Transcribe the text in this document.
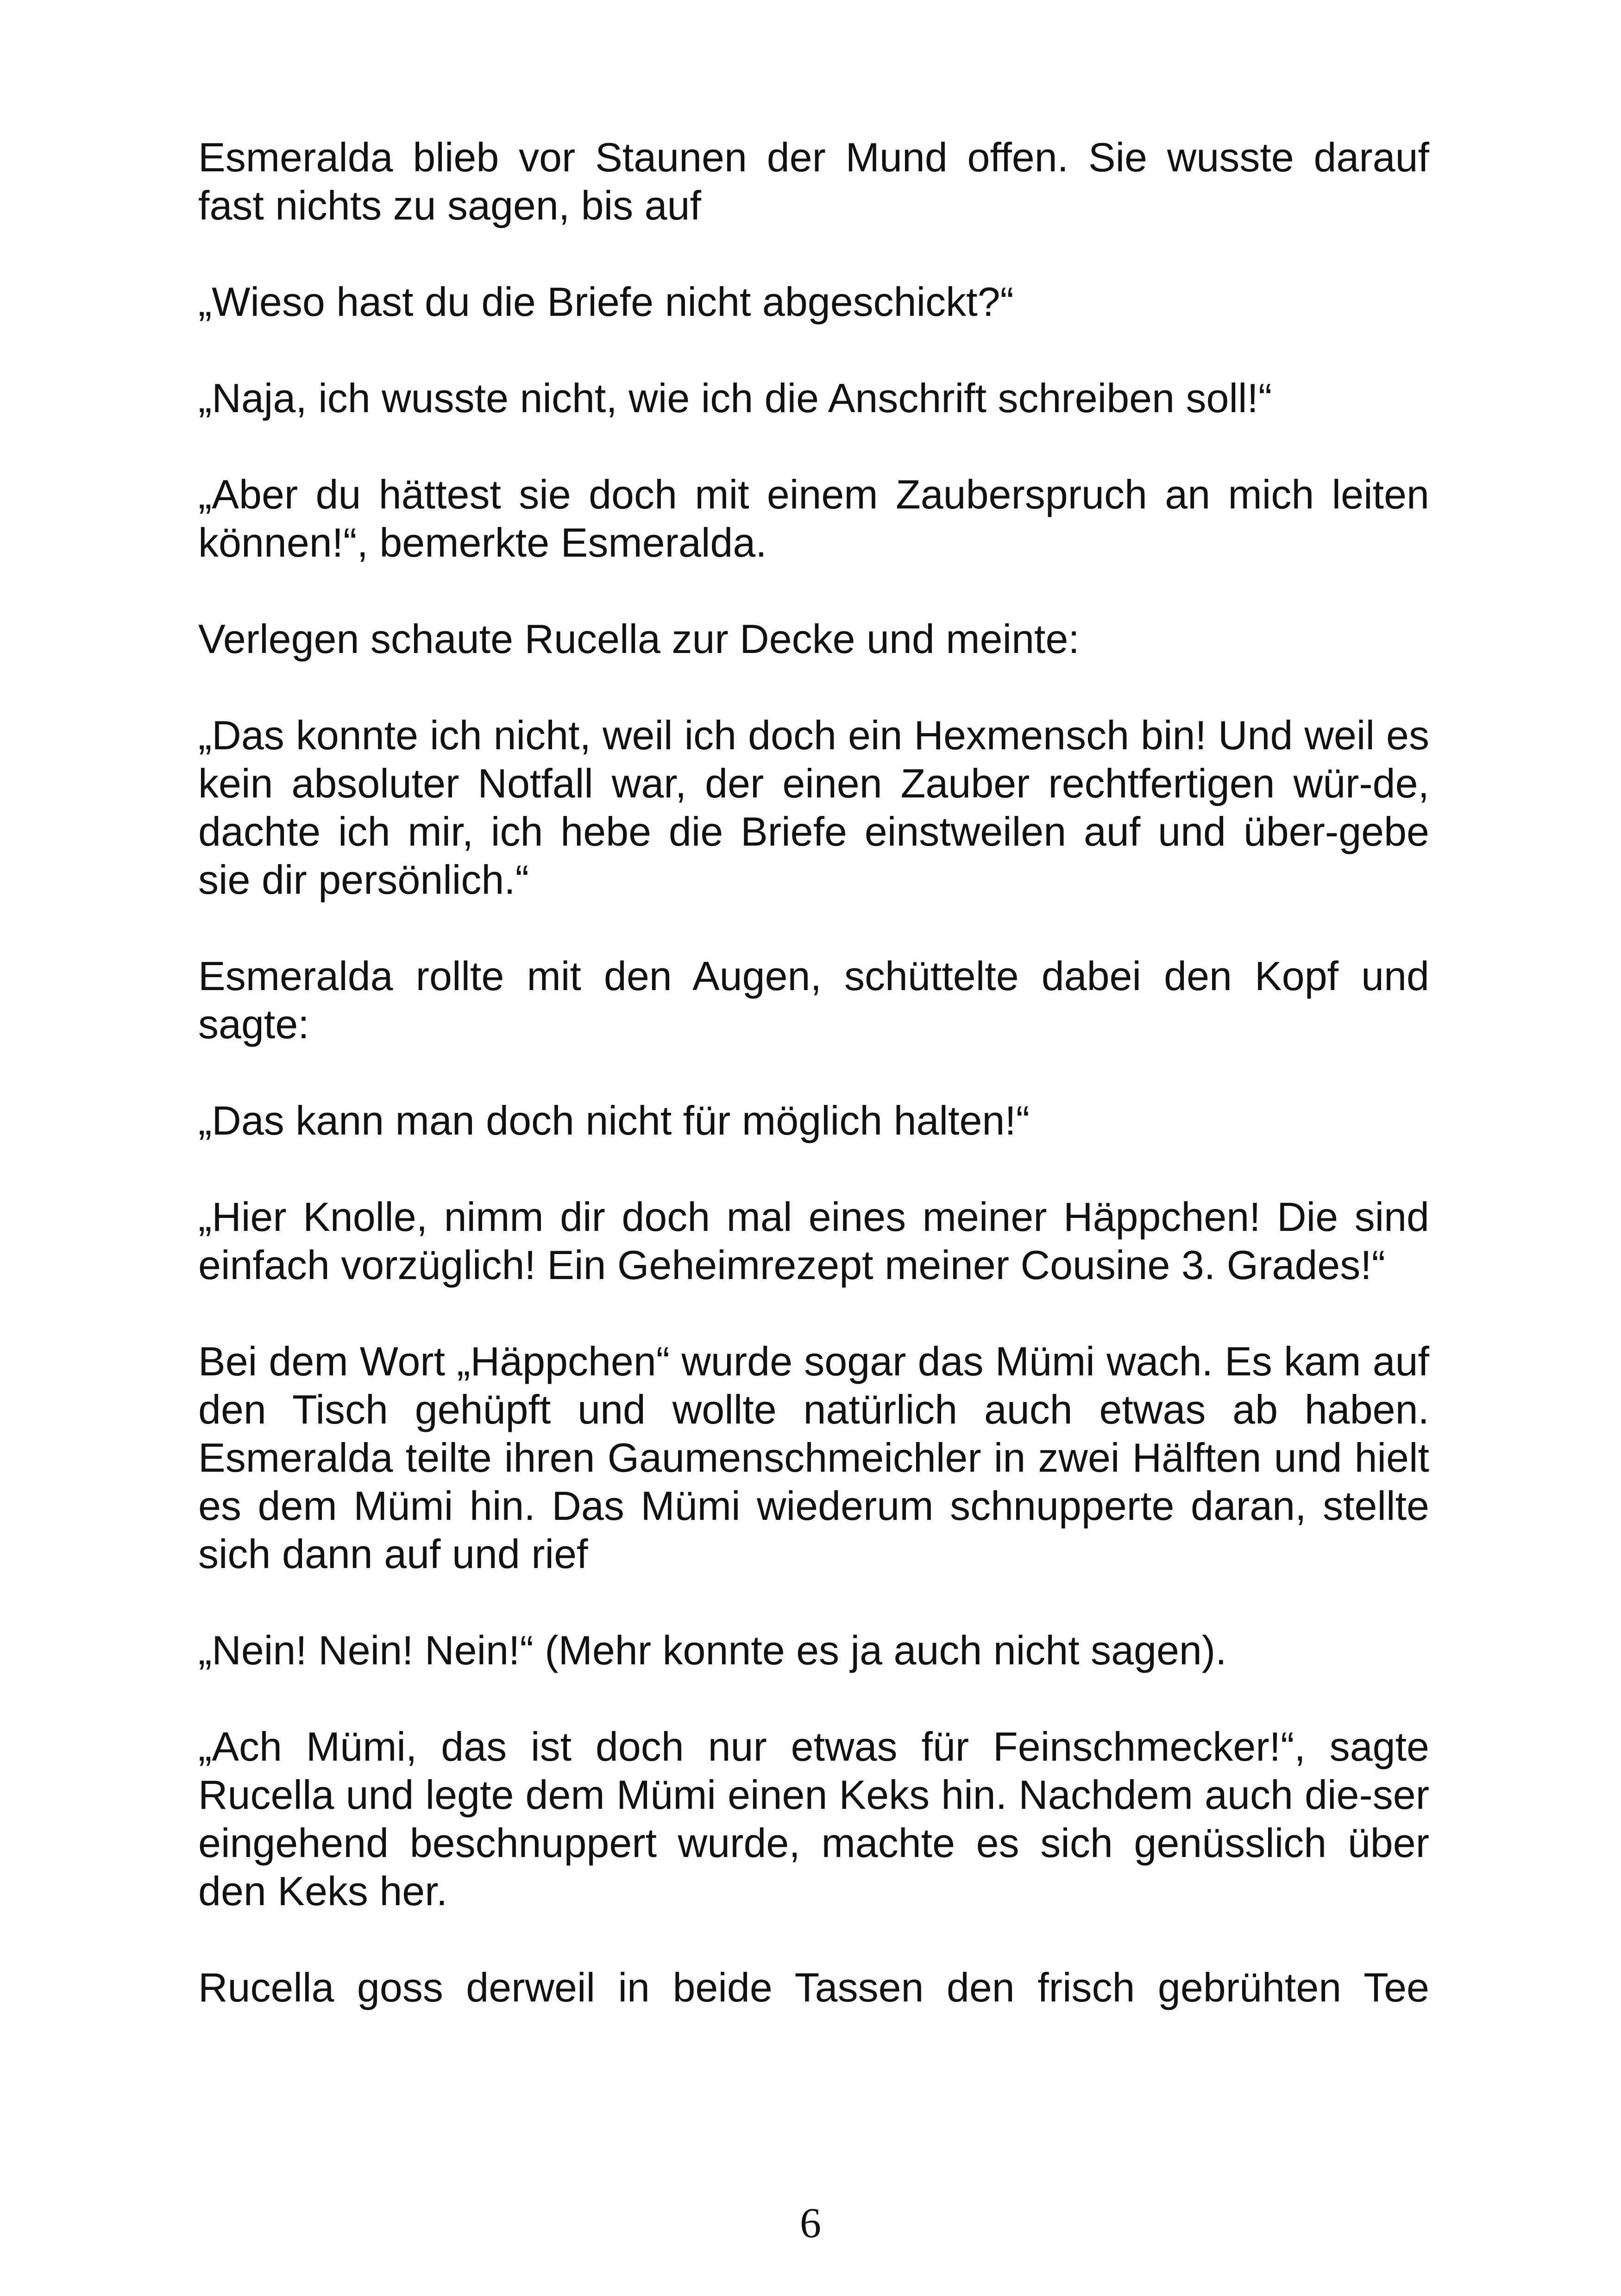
Esmeralda blieb vor Staunen der Mund offen. Sie wusste darauf fast nichts zu sagen, bis auf

„Wieso hast du die Briefe nicht abgeschickt?“

„Naja, ich wusste nicht, wie ich die Anschrift schreiben soll!“

„Aber du hättest sie doch mit einem Zauberspruch an mich leiten können!“, bemerkte Esmeralda.

Verlegen schaute Rucella zur Decke und meinte:

„Das konnte ich nicht, weil ich doch ein Hexmensch bin! Und weil es kein absoluter Notfall war, der einen Zauber rechtfertigen wür-de, dachte ich mir, ich hebe die Briefe einstweilen auf und über-gebe sie dir persönlich.“

Esmeralda rollte mit den Augen, schüttelte dabei den Kopf und sagte:

„Das kann man doch nicht für möglich halten!“

„Hier Knolle, nimm dir doch mal eines meiner Häppchen! Die sind einfach vorzüglich! Ein Geheimrezept meiner Cousine 3. Grades!“

Bei dem Wort „Häppchen“ wurde sogar das Mümi wach. Es kam auf den Tisch gehüpft und wollte natürlich auch etwas ab haben. Esmeralda teilte ihren Gaumenschmeichler in zwei Hälften und hielt es dem Mümi hin. Das Mümi wiederum schnupperte daran, stellte sich dann auf und rief

„Nein! Nein! Nein!“ (Mehr konnte es ja auch nicht sagen).

„Ach Mümi, das ist doch nur etwas für Feinschmecker!“, sagte Rucella und legte dem Mümi einen Keks hin. Nachdem auch die-ser eingehend beschnuppert wurde, machte es sich genüsslich über den Keks her.

Rucella goss derweil in beide Tassen den frisch gebrühten Tee

6
